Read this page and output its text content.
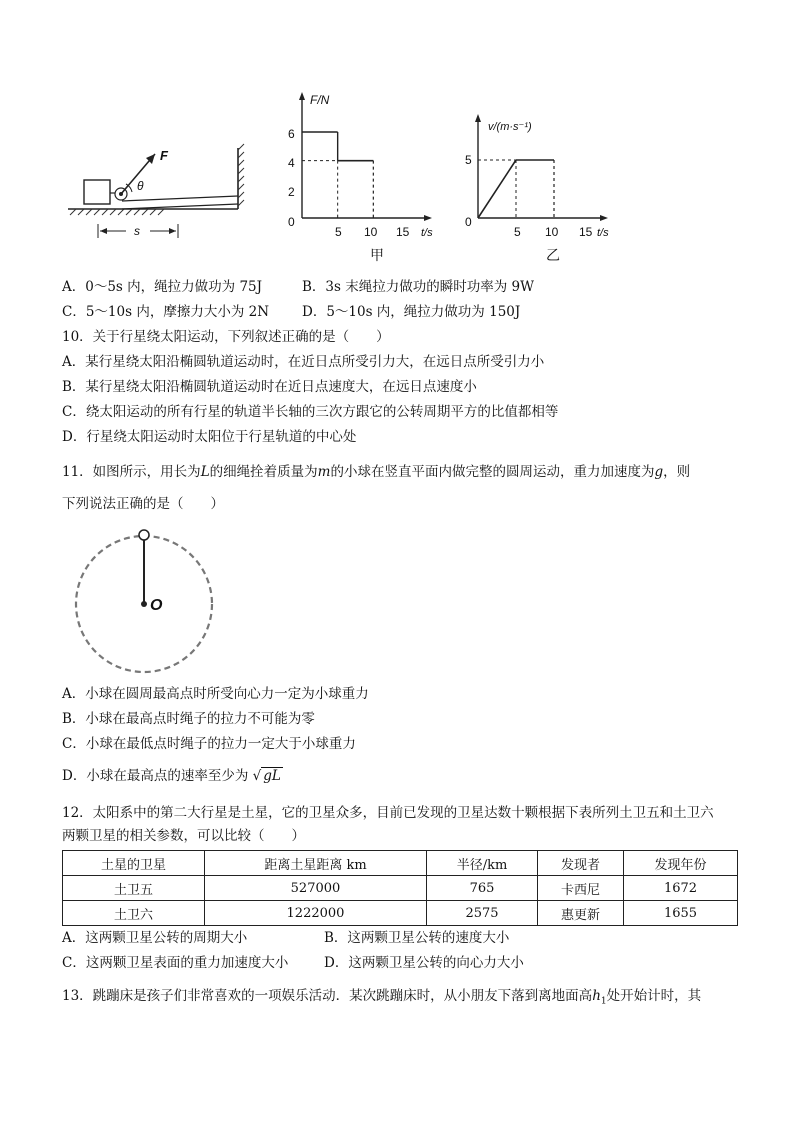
F
θ
s
F/N
t/s
6
4
2
0
5 10 15
甲
v/(m·s⁻¹)
t/s
5
0
5 10 15
乙
A．0～5s 内，绳拉力做功为 75J	B．3s 末绳拉力做功的瞬时功率为 9W
C．5～10s 内，摩擦力大小为 2N D．5～10s 内，绳拉力做功为 150J
10．关于行星绕太阳运动，下列叙述正确的是（　　）
A．某行星绕太阳沿椭圆轨道运动时，在近日点所受引力大，在远日点所受引力小
B．某行星绕太阳沿椭圆轨道运动时在近日点速度大，在远日点速度小
C．绕太阳运动的所有行星的轨道半长轴的三次方跟它的公转周期平方的比值都相等
D．行星绕太阳运动时太阳位于行星轨道的中心处
11．如图所示，用长为L的细绳拴着质量为m的小球在竖直平面内做完整的圆周运动，重力加速度为g，则
下列说法正确的是（　　）
O
A．小球在圆周最高点时所受向心力一定为小球重力
B．小球在最高点时绳子的拉力不可能为零
C．小球在最低点时绳子的拉力一定大于小球重力
D．小球在最高点的速率至少为 √ gL
12．太阳系中的第二大行星是土星，它的卫星众多，目前已发现的卫星达数十颗根据下表所列土卫五和土卫六
两颗卫星的相关参数，可以比较（　　）
土星的卫星	距离土星距离 km	半径/km	发现者	发现年份
土卫五	527000	765	卡西尼	1672
土卫六	1222000	2575	惠更新	1655
A．这两颗卫星公转的周期大小	B．这两颗卫星公转的速度大小
C．这两颗卫星表面的重力加速度大小	D．这两颗卫星公转的向心力大小
13．跳蹦床是孩子们非常喜欢的一项娱乐活动．某次跳蹦床时，从小朋友下落到离地面高$h_1$处开始计时，其
